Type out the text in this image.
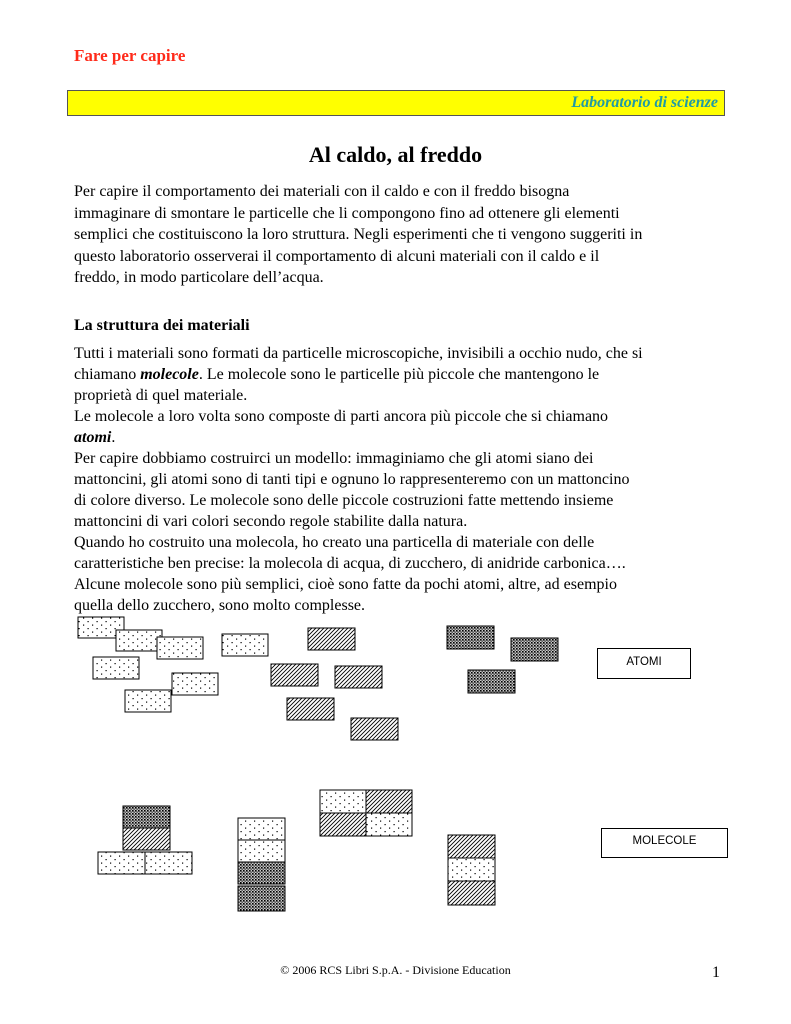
Fare per capire
Laboratorio di scienze
Al caldo, al freddo
Per capire il comportamento dei materiali con il caldo e con il freddo bisogna
immaginare di smontare le particelle che li compongono fino ad ottenere gli elementi
semplici che costituiscono la loro struttura. Negli esperimenti che ti vengono suggeriti in
questo laboratorio osserverai il comportamento di alcuni materiali con il caldo e il
freddo, in modo particolare dell’acqua.
La struttura dei materiali
Tutti i materiali sono formati da particelle microscopiche, invisibili a occhio nudo, che si
chiamano molecole. Le molecole sono le particelle più piccole che mantengono le
proprietà di quel materiale.
Le molecole a loro volta sono composte di parti ancora più piccole che si chiamano
atomi.
Per capire dobbiamo costruirci un modello: immaginiamo che gli atomi siano dei
mattoncini, gli atomi sono di tanti tipi e ognuno lo rappresenteremo con un mattoncino
di colore diverso. Le molecole sono delle piccole costruzioni fatte mettendo insieme
mattoncini di vari colori secondo regole stabilite dalla natura.
Quando ho costruito una molecola, ho creato una particella di materiale con delle
caratteristiche ben precise: la molecola di acqua, di zucchero, di anidride carbonica….
Alcune molecole sono più semplici, cioè sono fatte da pochi atomi, altre, ad esempio
quella dello zucchero, sono molto complesse.
ATOMI
MOLECOLE
© 2006 RCS Libri S.p.A. - Divisione Education	1
